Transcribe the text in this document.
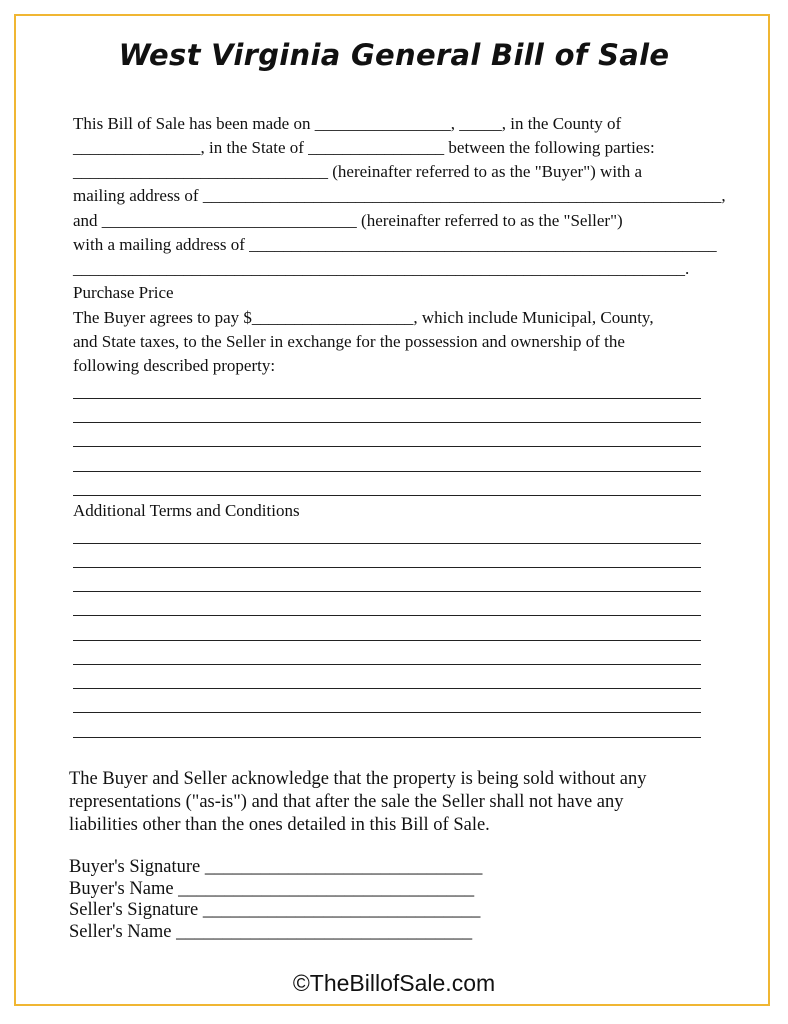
West Virginia General Bill of Sale
This Bill of Sale has been made on ________________, _____, in the County of
_______________, in the State of ________________ between the following parties:
______________________________ (hereinafter referred to as the "Buyer") with a
mailing address of _____________________________________________________________,
and ______________________________ (hereinafter referred to as the "Seller")
with a mailing address of _______________________________________________________
________________________________________________________________________.
Purchase Price
The Buyer agrees to pay $___________________, which include Municipal, County,
and State taxes, to the Seller in exchange for the possession and ownership of the
following described property:
Additional Terms and Conditions
The Buyer and Seller acknowledge that the property is being sold without any
representations ("as-is") and that after the sale the Seller shall not have any
liabilities other than the ones detailed in this Bill of Sale.
Buyer's Signature ______________________________
Buyer's Name ________________________________
Seller's Signature ______________________________
Seller's Name ________________________________
©TheBillofSale.com
